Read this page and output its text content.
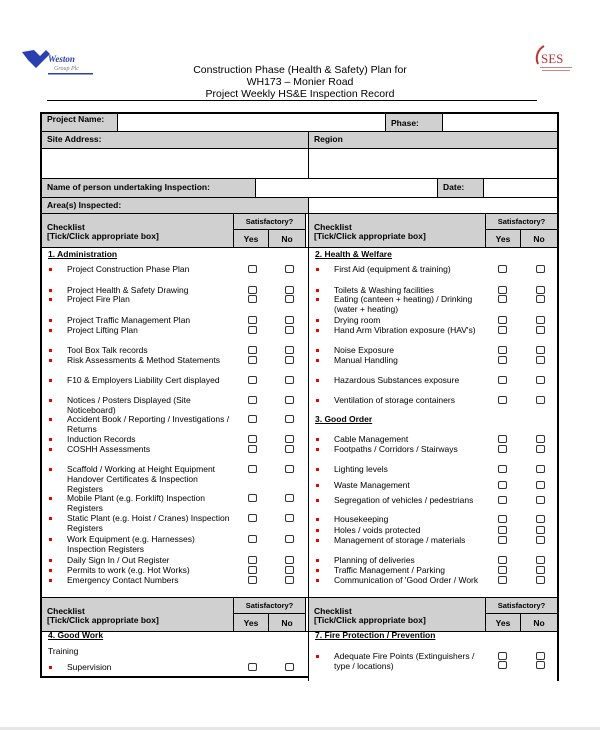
Weston
Group Plc
SES
Construction Phase (Health & Safety) Plan for
WH173 – Monier Road
Project Weekly HS&E Inspection Record
Project Name:	Phase:
Site Address:	Region
Name of person undertaking Inspection:	Date:
Area(s) Inspected:
Checklist
[Tick/Click appropriate box]
Satisfactory?
Yes	No
Checklist
[Tick/Click appropriate box]
Satisfactory?
Yes	No
Checklist
[Tick/Click appropriate box]
Satisfactory?
Yes	No
Checklist
[Tick/Click appropriate box]
Satisfactory?
Yes	No
1. Administration
Project Construction Phase Plan
Project Health & Safety Drawing
Project Fire Plan
Project Traffic Management Plan
Project Lifting Plan
Tool Box Talk records
Risk Assessments & Method Statements
F10 & Employers Liability Cert displayed
Notices / Posters Displayed (Site Noticeboard)
Accident Book / Reporting / Investigations / Returns
Induction Records
COSHH Assessments
Scaffold / Working at Height Equipment Handover Certificates & Inspection Registers
Mobile Plant (e.g. Forklift) Inspection Registers
Static Plant (e.g. Hoist / Cranes) Inspection Registers
Work Equipment (e.g. Harnesses) Inspection Registers
Daily Sign In / Out Register
Permits to work (e.g. Hot Works)
Emergency Contact Numbers
2. Health & Welfare
First Aid (equipment & training)
Toilets & Washing facilities
Eating (canteen + heating) / Drinking (water + heating)
Drying room
Hand Arm Vibration exposure (HAV's)
Noise Exposure
Manual Handling
Hazardous Substances exposure
Ventilation of storage containers
3. Good Order
Cable Management
Footpaths / Corridors / Stairways
Lighting levels
Waste Management
Segregation of vehicles / pedestrians
Housekeeping
Holes / voids protected
Management of storage / materials
Planning of deliveries
Traffic Management / Parking
Communication of 'Good Order / Work
4. Good Work
Training
Supervision
7. Fire Protection / Prevention
Adequate Fire Points (Extinguishers / type / locations)
